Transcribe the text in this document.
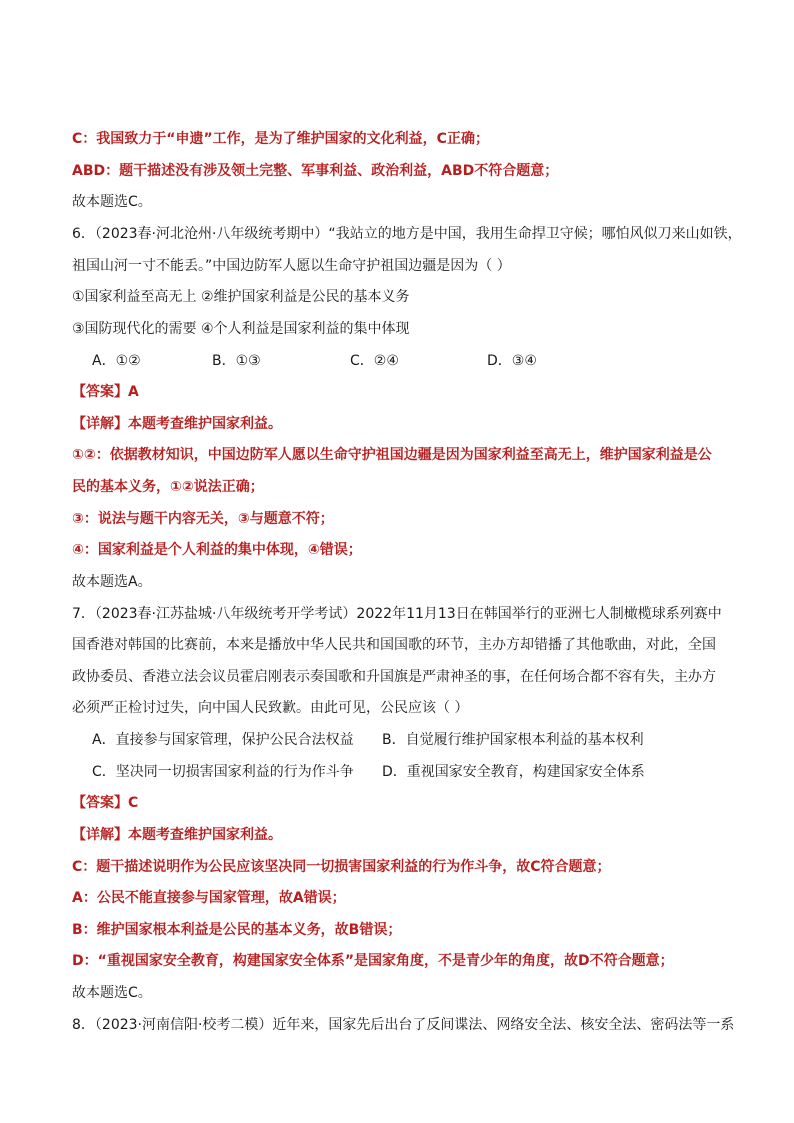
C：我国致力于“申遗”工作，是为了维护国家的文化利益，C正确；
ABD：题干描述没有涉及领土完整、军事利益、政治利益，ABD不符合题意；
故本题选C。
6．（2023春·河北沧州·八年级统考期中）“我站立的地方是中国，我用生命捍卫守候；哪怕风似刀来山如铁，
祖国山河一寸不能丢。”中国边防军人愿以生命守护祖国边疆是因为（ ）
①国家利益至高无上 ②维护国家利益是公民的基本义务
③国防现代化的需要 ④个人利益是国家利益的集中体现
A．①②	B．①③	C．②④	D．③④
【答案】A
【详解】本题考查维护国家利益。
①②：依据教材知识，中国边防军人愿以生命守护祖国边疆是因为国家利益至高无上，维护国家利益是公
民的基本义务，①②说法正确；
③：说法与题干内容无关，③与题意不符；
④：国家利益是个人利益的集中体现，④错误；
故本题选A。
7．（2023春·江苏盐城·八年级统考开学考试）2022年11月13日在韩国举行的亚洲七人制橄榄球系列赛中
国香港对韩国的比赛前，本来是播放中华人民共和国国歌的环节，主办方却错播了其他歌曲，对此，全国
政协委员、香港立法会议员霍启刚表示奏国歌和升国旗是严肃神圣的事，在任何场合都不容有失，主办方
必须严正检讨过失，向中国人民致歉。由此可见，公民应该（ ）
A．直接参与国家管理，保护公民合法权益 B．自觉履行维护国家根本利益的基本权利
C．坚决同一切损害国家利益的行为作斗争 D．重视国家安全教育，构建国家安全体系
【答案】C
【详解】本题考查维护国家利益。
C：题干描述说明作为公民应该坚决同一切损害国家利益的行为作斗争，故C符合题意；
A：公民不能直接参与国家管理，故A错误；
B：维护国家根本利益是公民的基本义务，故B错误；
D：“重视国家安全教育，构建国家安全体系”是国家角度，不是青少年的角度，故D不符合题意；
故本题选C。
8．（2023·河南信阳·校考二模）近年来，国家先后出台了反间谍法、网络安全法、核安全法、密码法等一系
